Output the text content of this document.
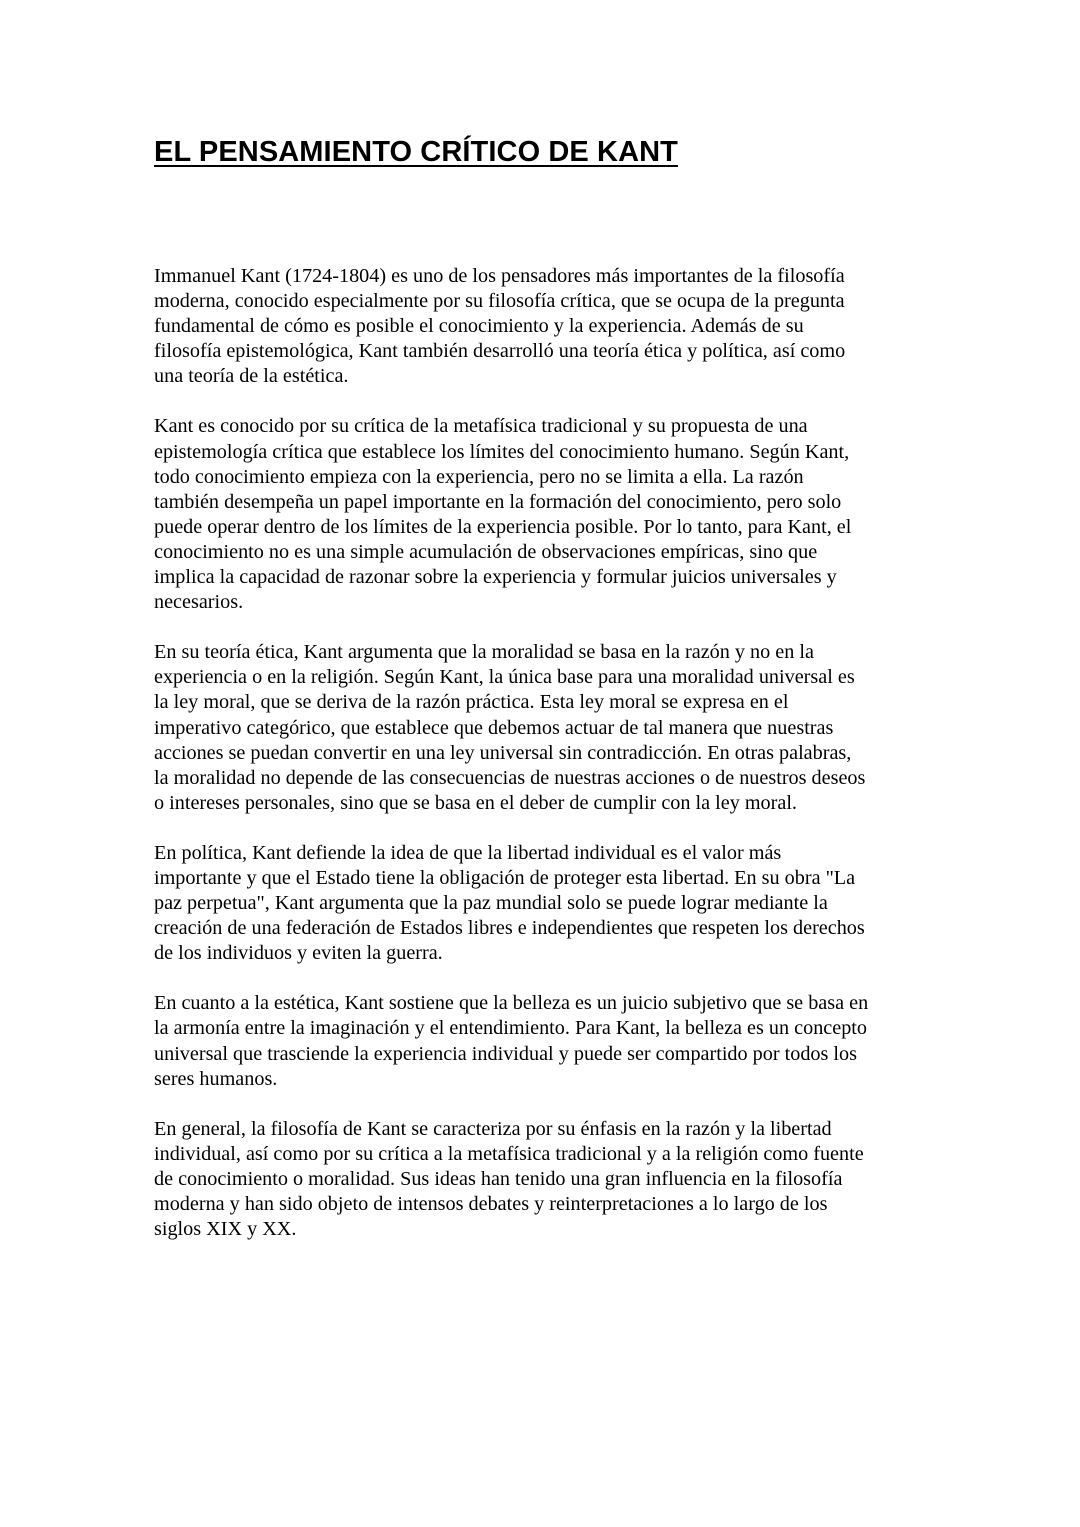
EL PENSAMIENTO CRÍTICO DE KANT

Immanuel Kant (1724-1804) es uno de los pensadores más importantes de la filosofía
moderna, conocido especialmente por su filosofía crítica, que se ocupa de la pregunta
fundamental de cómo es posible el conocimiento y la experiencia. Además de su
filosofía epistemológica, Kant también desarrolló una teoría ética y política, así como
una teoría de la estética.

Kant es conocido por su crítica de la metafísica tradicional y su propuesta de una
epistemología crítica que establece los límites del conocimiento humano. Según Kant,
todo conocimiento empieza con la experiencia, pero no se limita a ella. La razón
también desempeña un papel importante en la formación del conocimiento, pero solo
puede operar dentro de los límites de la experiencia posible. Por lo tanto, para Kant, el
conocimiento no es una simple acumulación de observaciones empíricas, sino que
implica la capacidad de razonar sobre la experiencia y formular juicios universales y
necesarios.

En su teoría ética, Kant argumenta que la moralidad se basa en la razón y no en la
experiencia o en la religión. Según Kant, la única base para una moralidad universal es
la ley moral, que se deriva de la razón práctica. Esta ley moral se expresa en el
imperativo categórico, que establece que debemos actuar de tal manera que nuestras
acciones se puedan convertir en una ley universal sin contradicción. En otras palabras,
la moralidad no depende de las consecuencias de nuestras acciones o de nuestros deseos
o intereses personales, sino que se basa en el deber de cumplir con la ley moral.

En política, Kant defiende la idea de que la libertad individual es el valor más
importante y que el Estado tiene la obligación de proteger esta libertad. En su obra "La
paz perpetua", Kant argumenta que la paz mundial solo se puede lograr mediante la
creación de una federación de Estados libres e independientes que respeten los derechos
de los individuos y eviten la guerra.

En cuanto a la estética, Kant sostiene que la belleza es un juicio subjetivo que se basa en
la armonía entre la imaginación y el entendimiento. Para Kant, la belleza es un concepto
universal que trasciende la experiencia individual y puede ser compartido por todos los
seres humanos.

En general, la filosofía de Kant se caracteriza por su énfasis en la razón y la libertad
individual, así como por su crítica a la metafísica tradicional y a la religión como fuente
de conocimiento o moralidad. Sus ideas han tenido una gran influencia en la filosofía
moderna y han sido objeto de intensos debates y reinterpretaciones a lo largo de los
siglos XIX y XX.
